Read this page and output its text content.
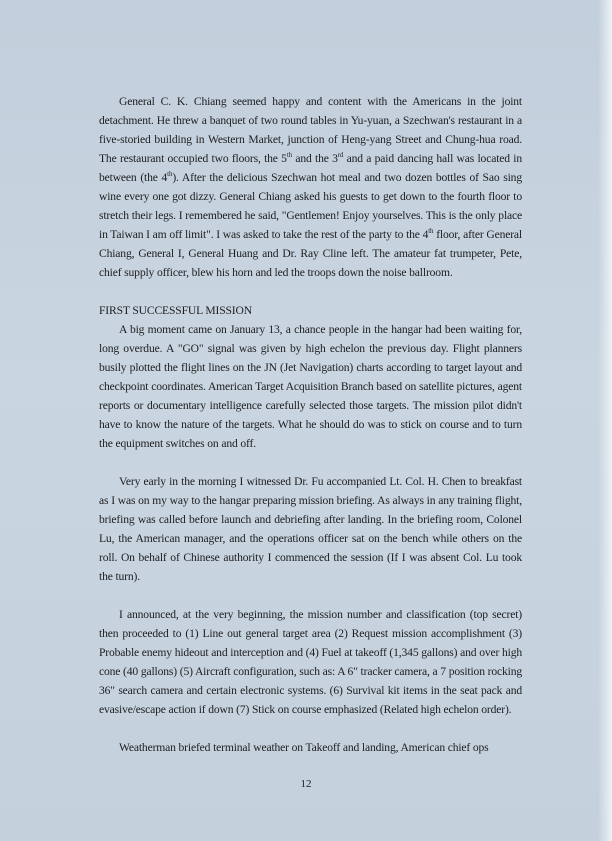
General C. K. Chiang seemed happy and content with the Americans in the joint detachment. He threw a banquet of two round tables in Yu-yuan, a Szechwan's restaurant in a five-storied building in Western Market, junction of Heng-yang Street and Chung-hua road. The restaurant occupied two floors, the 5th and the 3rd and a paid dancing hall was located in between (the 4th). After the delicious Szechwan hot meal and two dozen bottles of Sao sing wine every one got dizzy. General Chiang asked his guests to get down to the fourth floor to stretch their legs. I remembered he said, "Gentlemen! Enjoy yourselves. This is the only place in Taiwan I am off limit". I was asked to take the rest of the party to the 4th floor, after General Chiang, General I, General Huang and Dr. Ray Cline left. The amateur fat trumpeter, Pete, chief supply officer, blew his horn and led the troops down the noise ballroom.

FIRST SUCCESSFUL MISSION

A big moment came on January 13, a chance people in the hangar had been waiting for, long overdue. A "GO" signal was given by high echelon the previous day. Flight planners busily plotted the flight lines on the JN (Jet Navigation) charts according to target layout and checkpoint coordinates. American Target Acquisition Branch based on satellite pictures, agent reports or documentary intelligence carefully selected those targets. The mission pilot didn't have to know the nature of the targets. What he should do was to stick on course and to turn the equipment switches on and off.

Very early in the morning I witnessed Dr. Fu accompanied Lt. Col. H. Chen to breakfast as I was on my way to the hangar preparing mission briefing. As always in any training flight, briefing was called before launch and debriefing after landing. In the briefing room, Colonel Lu, the American manager, and the operations officer sat on the bench while others on the roll. On behalf of Chinese authority I commenced the session (If I was absent Col. Lu took the turn).

I announced, at the very beginning, the mission number and classification (top secret) then proceeded to (1) Line out general target area (2) Request mission accomplishment (3) Probable enemy hideout and interception and (4) Fuel at takeoff (1,345 gallons) and over high cone (40 gallons) (5) Aircraft configuration, such as: A 6" tracker camera, a 7 position rocking 36" search camera and certain electronic systems. (6) Survival kit items in the seat pack and evasive/escape action if down (7) Stick on course emphasized (Related high echelon order).

Weatherman briefed terminal weather on Takeoff and landing, American chief ops

12
